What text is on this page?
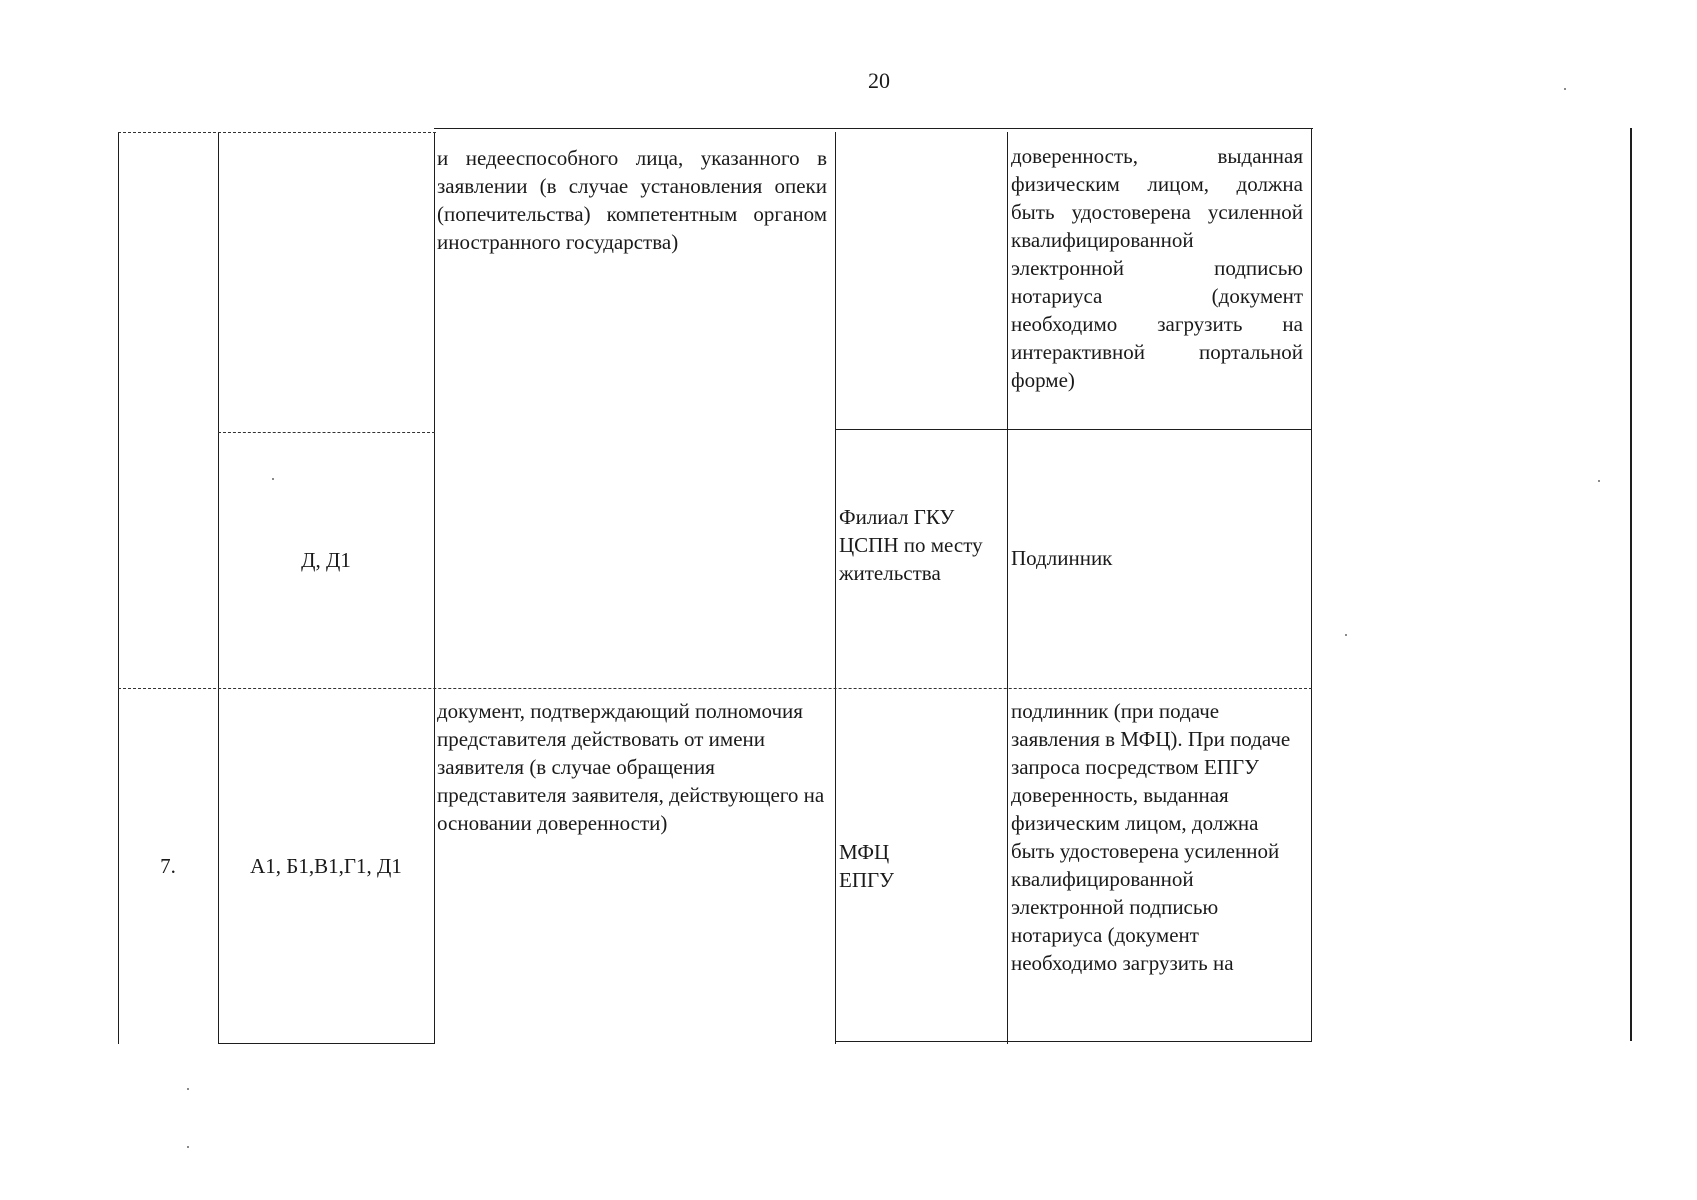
20
и недееспособного лица, указанного в заявлении (в случае установления опеки (попечительства) компетентным органом иностранного государства)
доверенность, выданная физическим лицом, должна быть удостоверена усиленной квалифицированной электронной подписью нотариуса (документ необходимо загрузить на интерактивной портальной форме)
Д, Д1
Филиал ГКУ ЦСПН по месту жительства
Подлинник
7.	А1, Б1,В1,Г1, Д1
документ, подтверждающий полномочия представителя действовать от имени заявителя (в случае обращения представителя заявителя, действующего на основании доверенности)
МФЦ ЕПГУ
подлинник (при подаче заявления в МФЦ). При подаче запроса посредством ЕПГУ доверенность, выданная физическим лицом, должна быть удостоверена усиленной квалифицированной электронной подписью нотариуса (документ необходимо загрузить на
